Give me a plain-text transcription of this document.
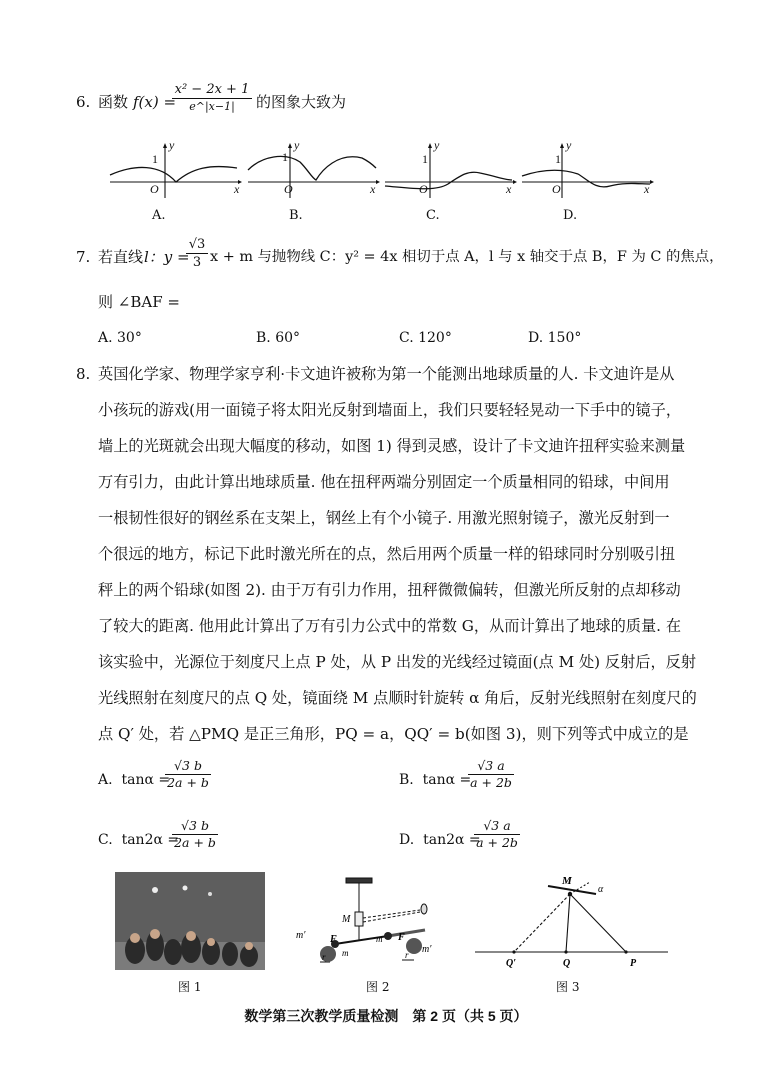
6. 函数 f(x) =
x² − 2x + 1
e^|x−1|	的图象大致为
y
1
O	x
y
1
O	x
y
1
O	x
y
1
O	x
A.	B.	C.	D.
7. 若直线 l：y =
$\frac{√3}{3}$ x + m 与抛物线 C：y² = 4x 相切于点 A，l 与 x 轴交于点 B，F 为 C 的焦点，
则 ∠BAF =
A. 30°	B. 60°	C. 120°	D. 150°
8. 英国化学家、物理学家亨利·卡文迪许被称为第一个能测出地球质量的人. 卡文迪许是从
小孩玩的游戏(用一面镜子将太阳光反射到墙面上，我们只要轻轻晃动一下手中的镜子，
墙上的光斑就会出现大幅度的移动，如图 1) 得到灵感，设计了卡文迪许扭秤实验来测量
万有引力，由此计算出地球质量. 他在扭秤两端分别固定一个质量相同的铅球，中间用
一根韧性很好的钢丝系在支架上，钢丝上有个小镜子. 用激光照射镜子，激光反射到一
个很远的地方，标记下此时激光所在的点，然后用两个质量一样的铅球同时分别吸引扭
秤上的两个铅球(如图 2). 由于万有引力作用，扭秤微微偏转，但激光所反射的点却移动
了较大的距离. 他用此计算出了万有引力公式中的常数 G，从而计算出了地球的质量. 在
该实验中，光源位于刻度尺上点 P 处，从 P 出发的光线经过镜面(点 M 处) 反射后，反射
光线照射在刻度尺的点 Q 处，镜面绕 M 点顺时针旋转 α 角后，反射光线照射在刻度尺的
点 Q′ 处，若 △PMQ 是正三角形，PQ = a，QQ′ = b(如图 3)，则下列等式中成立的是
A. tanα =
$\frac{√3 b}{2a + b}$	B. tanα =
$\frac{√3 a}{a + 2b}$
C. tan2α =
$\frac{√3 b}{2a + b}$	D. tan2α =
$\frac{√3 a}{a + 2b}$
图 1
M
m′
m′
m
m
F	F
r	r
图 2
M
α
Q′	Q	P
图 3
数学第三次教学质量检测　第 2 页（共 5 页）
